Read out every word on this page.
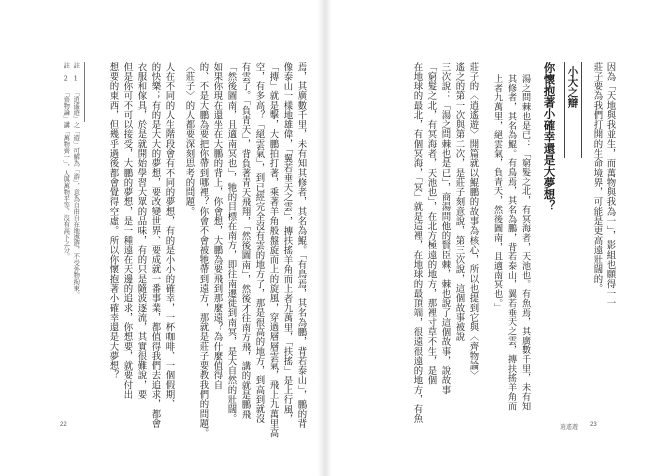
因為「天地與我並生，而萬物與我為一」，影組也願得一一
莊子要為我們打開的生命境界，可能是更高遠壯闊的。
小大之辯
你懷抱著小確幸還是大夢想？
湯之問棘也是已：「窮髮之北，有冥海者，天池也。有魚焉，其廣數千里，未有知
其修者，其名為鯤。有鳥焉，其名為鵬，背若泰山，翼若垂天之雲，摶扶搖羊角而
上者九萬里，絕雲氣，負青天，然後圖南，且適南冥也。」
莊子的〈逍遙遊〉開篇就以鯤鵬的故事為核心，所以也提到它與〈齊物論〉
遙之的第一次與第二次，是莊子刻意說，第三次說，這個故事被說
三次說：「湯之問棘也是已」，商湯問他的賢臣棘，棘也說了這個故事，說故事
「窮髮之北，有冥海者，天池也」，在北方極遠的地方，那裡寸草不生，是個
在地球的最北，有個冥海，「冥」就是這裡，在地球的最頂端，很遠很遠的地方，有魚
逍遙遊 23
焉，其廣數千里，未有知其修者，其名為鯤。「有鳥焉，其名為鵬，背若泰山」，鵬的背
像泰山一樣地雄偉，「翼若垂天之雲」，摶扶搖羊角而上者九萬里，「扶搖」是上行風，
「摶」就是擊，大鵬拍打著，乘著羊角般盤旋而上的旋風，穿過層層雲氣，飛上九萬里高
空，有多高？「絕雲氣」，到已經完全沒有雲的地方了，那是很高的地方，到高到就沒
有雲了。「負青天」，背負著青天飛翔，「然後圖南」，然後才往南方飛，講的就是鵬飛
「然後圖南，且適南冥也」，牠的目標在南方，即往南遷徙到南冥，是大自然的壯闊。
如果你現在還坐在大鵬的背上，你會想，大鵬為要飛到那麼遠？為什麼值得自
的、不是大鵬為要把你帶到哪裡？你會不會被牠帶到遠方，那就是莊子要教我們的問題。
〈莊子〉的人都要深刻思考的問題。
人在不同的人生階段會有不同的夢想，有的是小小的確幸，一杯咖啡、一個假期、
的快樂；有的是大大的夢想，要改變世界、要成就一番事業，都值得我們去追求，都會
衣服和傢具，於是就開始學習大眾的品味，有的只是隨波逐流，其實很難說，要
但是你可不可以接受，大鵬的夢想，是一種遠在天邊的追求，你想要，就要付出
想要的東西，但幾乎過後都會覺得空虛。所以你懷抱著小確幸還是大夢想？
註 1 「逍遙遊」之「遊」可解為「游」，意為自由自在地遨遊，不受外物拘束。
註 2 「齊物論」講「萬物齊一」，人與萬物平等，沒有高下之分。
22
